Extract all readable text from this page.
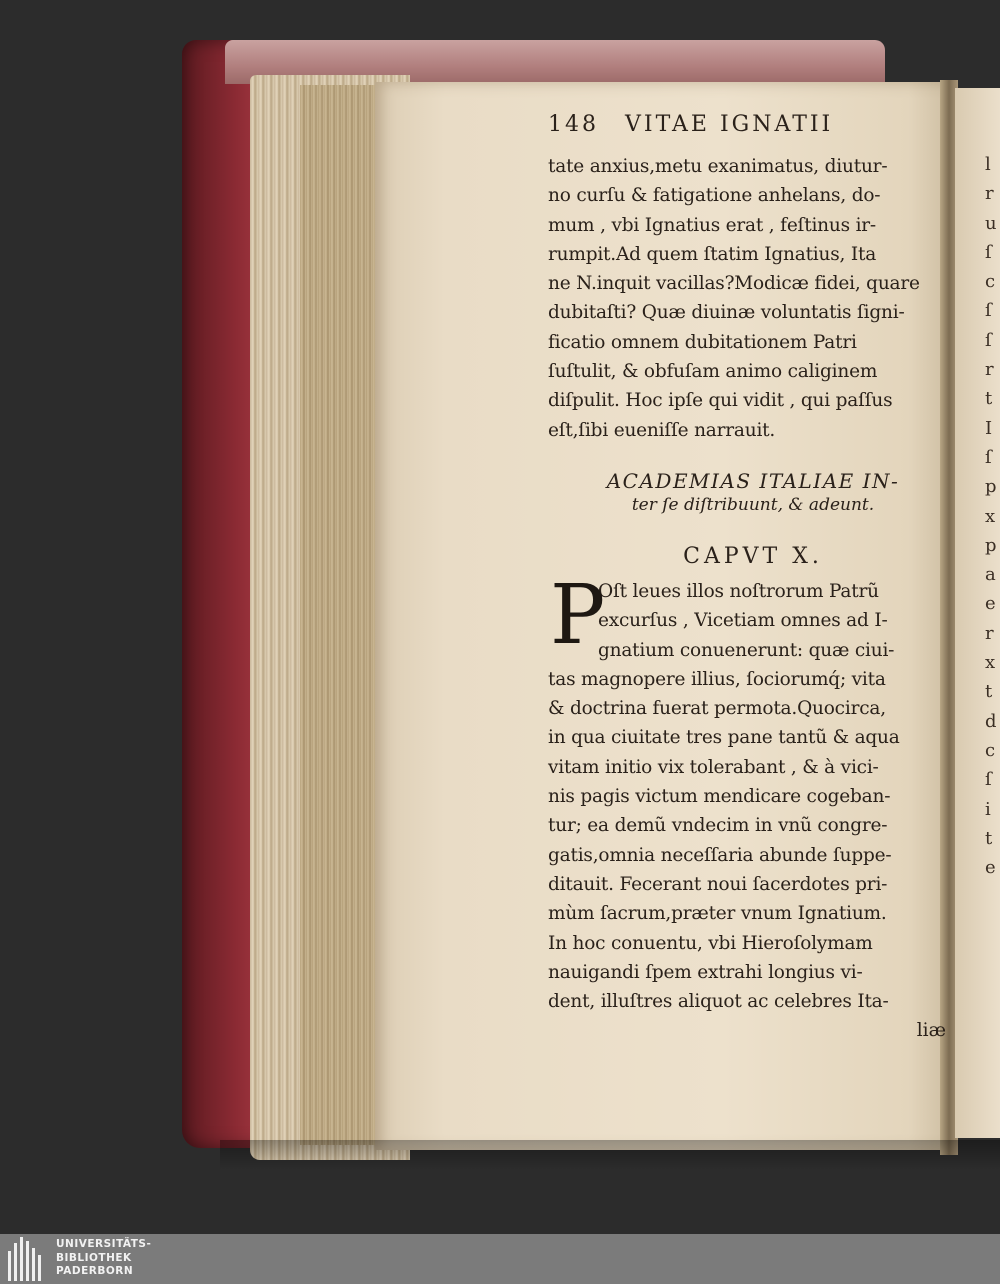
148 VITAE IGNATII
tate anxius,metu exanimatus, diutur-
no curſu & fatigatione anhelans, do-
mum , vbi Ignatius erat , feſtinus ir-
rumpit.Ad quem ſtatim Ignatius, Ita
ne N.inquit vacillas?Modicæ fidei, quare
dubitaſti? Quæ diuinæ voluntatis ſigni-
ficatio omnem dubitationem Patri
ſuſtulit, & obfuſam animo caliginem
diſpulit. Hoc ipſe qui vidit , qui paſſus
eſt,ſibi eueniſſe narrauit.
ACADEMIAS ITALIAE IN-
ter ſe diſtribuunt, & adeunt.
CAPVT X.
P
Oſt leues illos noſtrorum Patrũ
excurſus , Vicetiam omnes ad I-
gnatium conuenerunt: quæ ciui-
tas magnopere illius, ſociorumq́; vita
& doctrina fuerat permota.Quocirca,
in qua ciuitate tres pane tantũ & aqua
vitam initio vix tolerabant , & à vici-
nis pagis victum mendicare cogeban-
tur; ea demũ vndecim in vnũ congre-
gatis,omnia neceſſaria abunde ſuppe-
ditauit. Fecerant noui ſacerdotes pri-
mùm ſacrum,præter vnum Ignatium.
In hoc conuentu, vbi Hieroſolymam
nauigandi ſpem extrahi longius vi-
dent, illuſtres aliquot ac celebres Ita-
liæ
l
r
u
ſ
c
ſ
ſ
r
t
I
ſ
p
x
p
a
e
r
x
t
d
c
ſ
i
t
e
UNIVERSITÄTS-
BIBLIOTHEK
PADERBORN
